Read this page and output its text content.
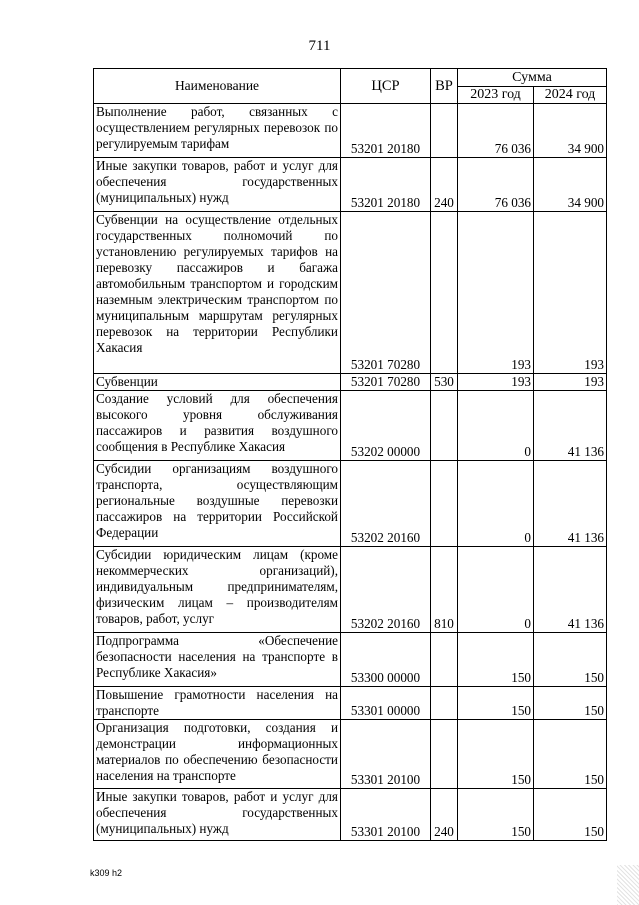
711
Наименование	ЦСР	ВР	Сумма	
			2023 год	2024 год
Выполнение работ, связанных с осуществлением регулярных перевозок по регулируемым тарифам	53201 20180		76 036	34 900
Иные закупки товаров, работ и услуг для обеспечения государственных (муниципальных) нужд	53201 20180	240	76 036	34 900
Субвенции на осуществление отдельных государственных полномочий по установлению регулируемых тарифов на перевозку пассажиров и багажа автомобильным транспортом и городским наземным электрическим транспортом по муниципальным маршрутам регулярных перевозок на территории Республики Хакасия	53201 70280		193	193
Субвенции	53201 70280	530	193	193
Создание условий для обеспечения высокого уровня обслуживания пассажиров и развития воздушного сообщения в Республике Хакасия	53202 00000		0	41 136
Субсидии организациям воздушного транспорта, осуществляющим региональные воздушные перевозки пассажиров на территории Российской Федерации	53202 20160		0	41 136
Субсидии юридическим лицам (кроме некоммерческих организаций), индивидуальным предпринимателям, физическим лицам – производителям товаров, работ, услуг	53202 20160	810	0	41 136
Подпрограмма «Обеспечение безопасности населения на транспорте в Республике Хакасия»	53300 00000		150	150
Повышение грамотности населения на транспорте	53301 00000		150	150
Организация подготовки, создания и демонстрации информационных материалов по обеспечению безопасности населения на транспорте	53301 20100		150	150
Иные закупки товаров, работ и услуг для обеспечения государственных (муниципальных) нужд	53301 20100	240	150	150
k309 h2
